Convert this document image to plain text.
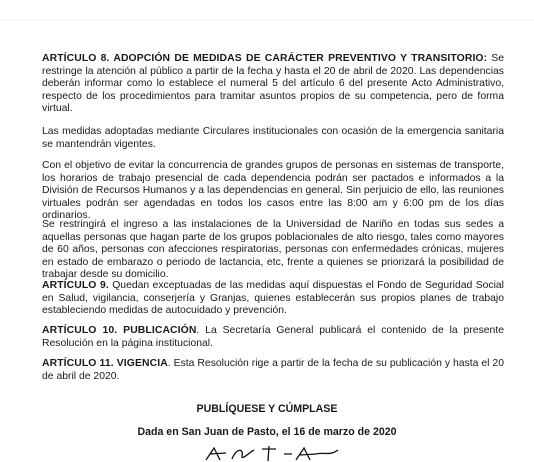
ARTÍCULO 8. ADOPCIÓN DE MEDIDAS DE CARÁCTER PREVENTIVO Y TRANSITORIO: Se restringe la atención al público a partir de la fecha y hasta el 20 de abril de 2020. Las dependencias deberán informar como lo establece el numeral 5 del artículo 6 del presente Acto Administrativo, respecto de los procedimientos para tramitar asuntos propios de su competencia, pero de forma virtual.

Las medidas adoptadas mediante Circulares institucionales con ocasión de la emergencia sanitaria se mantendrán vigentes.

Con el objetivo de evitar la concurrencia de grandes grupos de personas en sistemas de transporte, los horarios de trabajo presencial de cada dependencia podrán ser pactados e informados a la División de Recursos Humanos y a las dependencias en general. Sin perjuicio de ello, las reuniones virtuales podrán ser agendadas en todos los casos entre las 8:00 am y 6:00 pm de los días ordinarios.

Se restringirá el ingreso a las instalaciones de la Universidad de Nariño en todas sus sedes a aquellas personas que hagan parte de los grupos poblacionales de alto riesgo, tales como mayores de 60 años, personas con afecciones respiratorias, personas con enfermedades crónicas, mujeres en estado de embarazo o periodo de lactancia, etc, frente a quienes se priorizará la posibilidad de trabajar desde su domicilio.

ARTÍCULO 9. Quedan exceptuadas de las medidas aquí dispuestas el Fondo de Seguridad Social en Salud, vigilancia, conserjería y Granjas, quienes establecerán sus propios planes de trabajo estableciendo medidas de autocuidado y prevención.

ARTÍCULO 10. PUBLICACIÓN. La Secretaría General publicará el contenido de la presente Resolución en la página institucional.

ARTÍCULO 11. VIGENCIA. Esta Resolución rige a partir de la fecha de su publicación y hasta el 20 de abril de 2020.

PUBLÍQUESE Y CÚMPLASE

Dada en San Juan de Pasto, el 16 de marzo de 2020
